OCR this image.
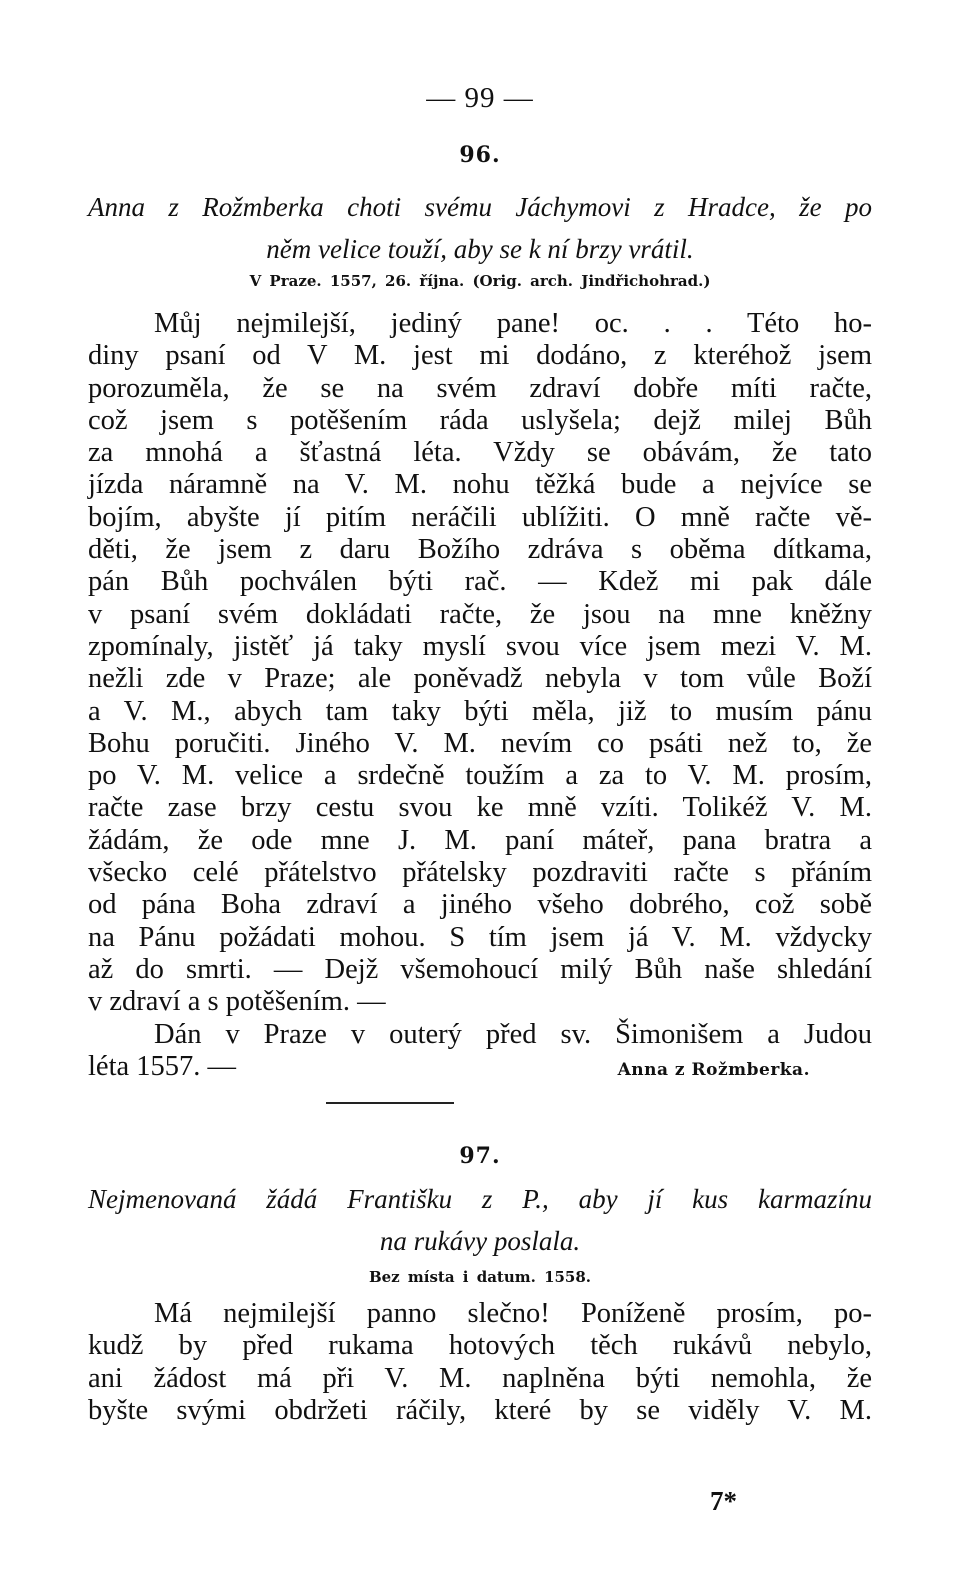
— 99 —
96.
Anna z Rožmberka choti svému Jáchymovi z Hradce, že po
něm velice touží, aby se k ní brzy vrátil.
V Praze. 1557, 26. října. (Orig. arch. Jindřichohrad.)
Můj nejmilejší, jediný pane! oc. . . Této ho-
diny psaní od V M. jest mi dodáno, z kteréhož jsem
porozuměla, že se na svém zdraví dobře míti račte,
což jsem s potěšením ráda uslyšela; dejž milej Bůh
za mnohá a šťastná léta. Vždy se obávám, že tato
jízda náramně na V. M. nohu těžká bude a nejvíce se
bojím, abyšte jí pitím neráčili ublížiti. O mně račte vě-
děti, že jsem z daru Božího zdráva s oběma dítkama,
pán Bůh pochválen býti rač. — Kdež mi pak dále
v psaní svém dokládati račte, že jsou na mne kněžny
zpomínaly, jistěť já taky myslí svou více jsem mezi V. M.
nežli zde v Praze; ale poněvadž nebyla v tom vůle Boží
a V. M., abych tam taky býti měla, již to musím pánu
Bohu poručiti. Jiného V. M. nevím co psáti než to, že
po V. M. velice a srdečně toužím a za to V. M. prosím,
račte zase brzy cestu svou ke mně vzíti. Tolikéž V. M.
žádám, že ode mne J. M. paní máteř, pana bratra a
všecko celé přátelstvo přátelsky pozdraviti račte s přáním
od pána Boha zdraví a jiného všeho dobrého, což sobě
na Pánu požádati mohou. S tím jsem já V. M. vždycky
až do smrti. — Dejž všemohoucí milý Bůh naše shledání
v zdraví a s potěšením. —
Dán v Praze v outerý před sv. Šimonišem a Judou
léta 1557. —	Anna z Rožmberka.
97.
Nejmenovaná žádá Františku z P., aby jí kus karmazínu
na rukávy poslala.
Bez místa i datum. 1558.
Má nejmilejší panno slečno! Poníženě prosím, po-
kudž by před rukama hotových těch rukávů nebylo,
ani žádost má při V. M. naplněna býti nemohla, že
byšte svými obdržeti ráčily, které by se viděly V. M.
7*
